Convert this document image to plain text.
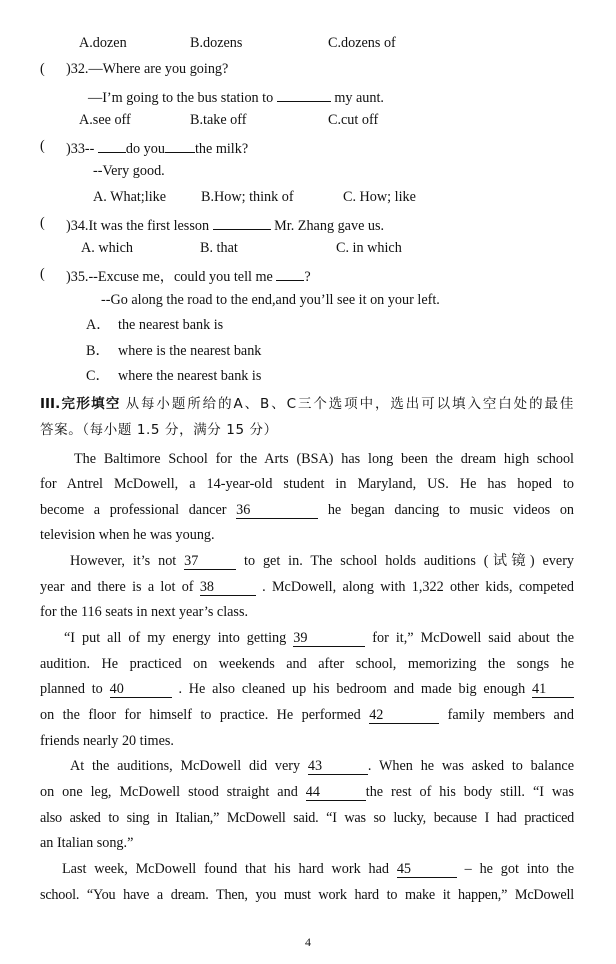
A.dozen	B.dozens	C.dozens of
( )32.—Where are you going?
—I’m going to the bus station to	my aunt.
A.see off	B.take off	C.cut off
( )33-- do you the milk?
--Very good.
A. What;like B.How; think of	C. How; like
( )34.It was the first lesson	Mr. Zhang gave us.
A. which	B. that	C. in which
( )35.--Excuse me，could you tell me ?
--Go along the road to the end,and you’ll see it on your left.
A． the nearest bank is
B． where is the nearest bank
C． where the nearest bank is
III.完形填空 从每小题所给的A、B、C三个选项中，选出可以填入空白处的最佳
答案。（每小题 1.5 分，满分 15 分）
The Baltimore School for the Arts (BSA) has long been the dream high school
for Antrel McDowell, a 14-year-old student in Maryland, US. He has hoped to
become a professional dancer 36	he began dancing to music videos on
television when he was young.
However, it’s not 37	to get in. The school holds auditions (试镜) every
year and there is a lot of 38	. McDowell, along with 1,322 other kids, competed
for the 116 seats in next year’s class.
“I put all of my energy into getting 39	for it,” McDowell said about the
audition. He practiced on weekends and after school, memorizing the songs he
planned to 40	. He also cleaned up his bedroom and made big enough 41
on the floor for himself to practice. He performed 42	family members and
friends nearly 20 times.
At the auditions, McDowell did very 43	. When he was asked to balance
on one leg, McDowell stood straight and 44	the rest of his body still. “I was
also asked to sing in Italian,” McDowell said. “I was so lucky, because I had practiced
an Italian song.”
Last week, McDowell found that his hard work had 45	– he got into the
school. “You have a dream. Then, you must work hard to make it happen,” McDowell
4
